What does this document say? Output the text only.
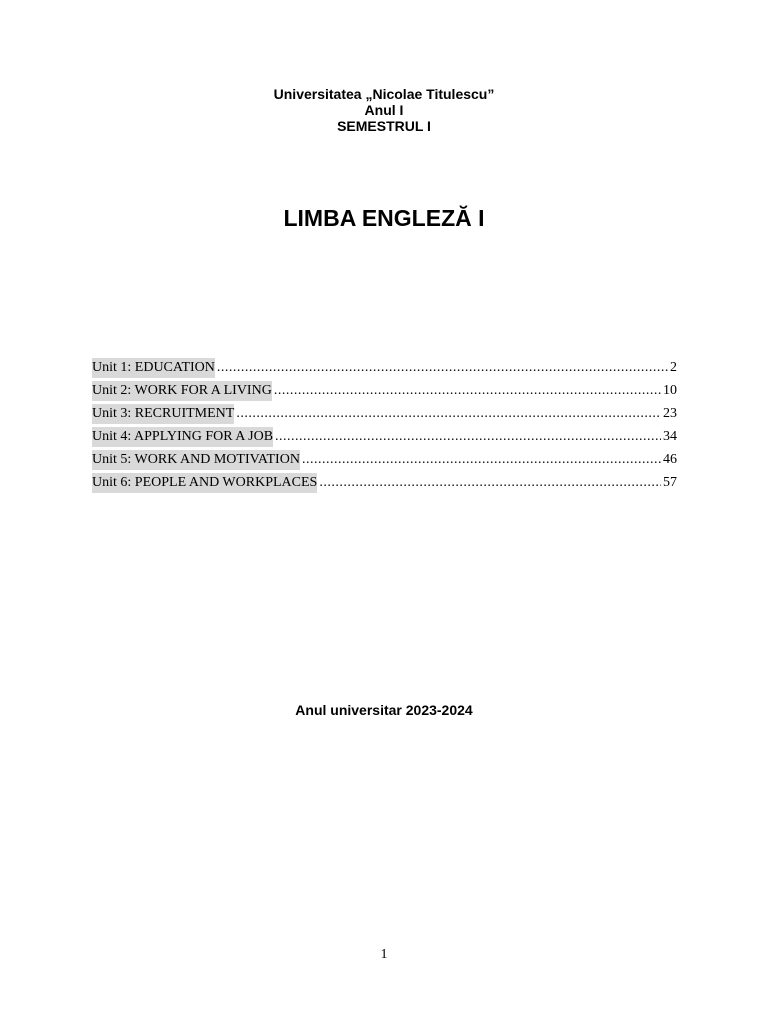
Universitatea „Nicolae Titulescu”
Anul I
SEMESTRUL I
LIMBA ENGLEZĂ I
Unit 1: EDUCATION .....	2
Unit 2: WORK FOR A LIVING .....	10
Unit 3: RECRUITMENT .....	23
Unit 4: APPLYING FOR A JOB .....	34
Unit 5: WORK AND MOTIVATION .....	46
Unit 6: PEOPLE AND WORKPLACES .....	57
Anul universitar 2023-2024
1
